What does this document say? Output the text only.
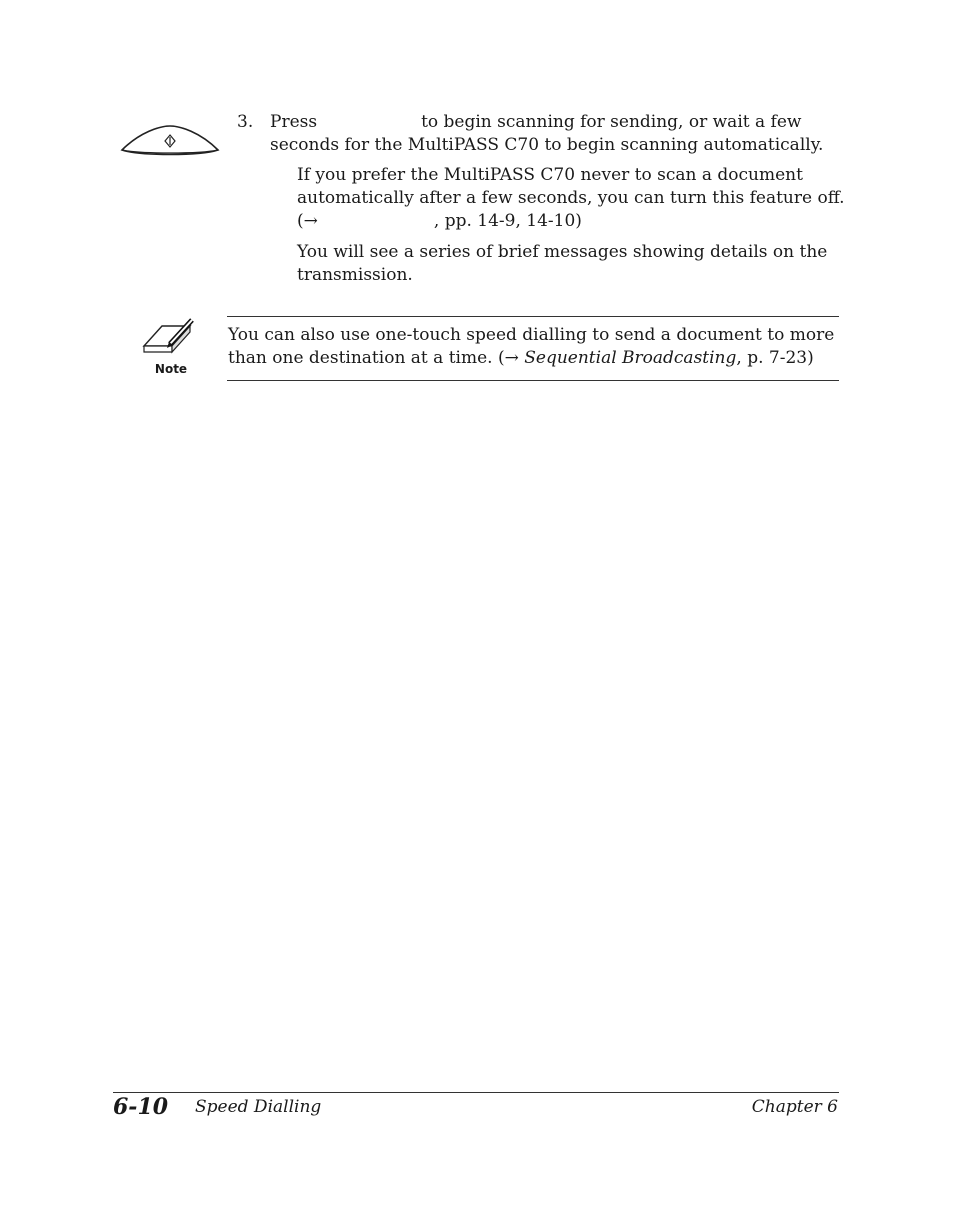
3. Press	to begin scanning for sending, or wait a few
seconds for the MultiPASS C70 to begin scanning automatically.
If you prefer the MultiPASS C70 never to scan a document
automatically after a few seconds, you can turn this feature off.
(→	, pp. 14-9, 14-10)
You will see a series of brief messages showing details on the
transmission.
Note
You can also use one-touch speed dialling to send a document to more
than one destination at a time. (→ Sequential Broadcasting, p. 7-23)
6-10 Speed Dialling	Chapter 6
